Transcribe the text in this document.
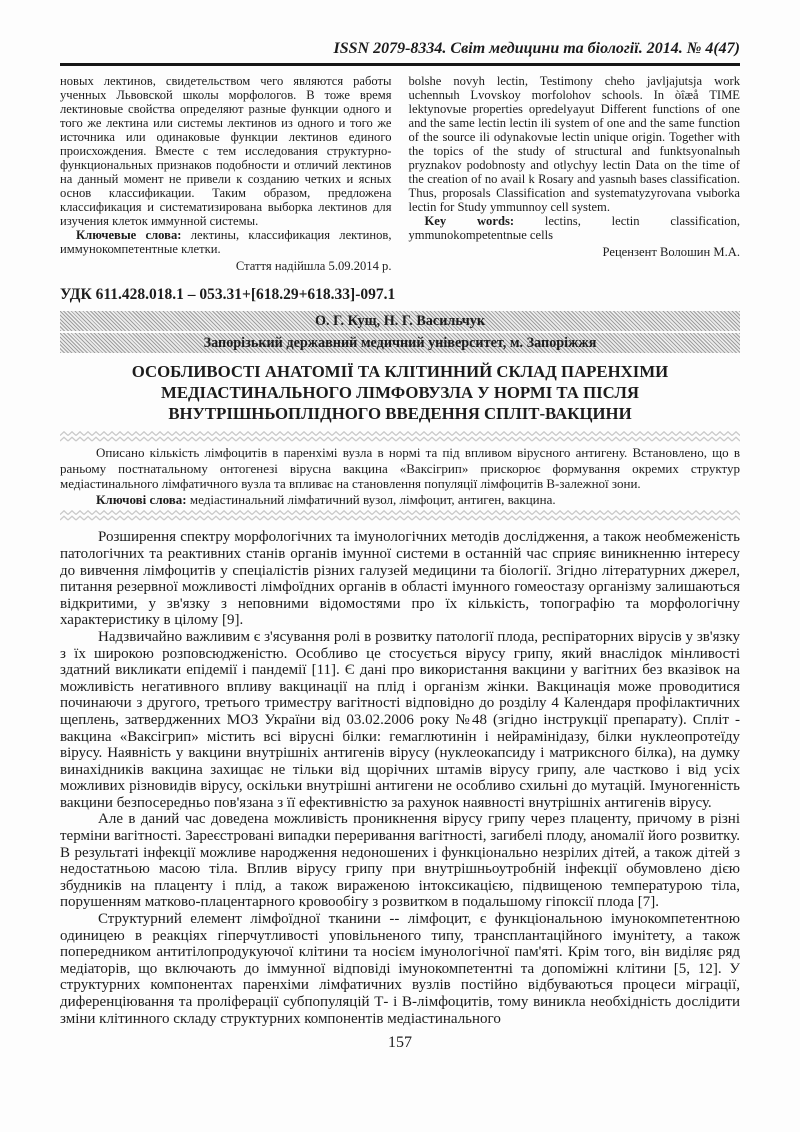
ISSN 2079-8334. Світ медицини та біології. 2014. № 4(47)

новых лектинов, свидетельством чего являются работы ученных Львовской школы морфологов. В тоже время лектиновые свойства определяют разные функции одного и того же лектина или системы лектинов из одного и того же источника или одинаковые функции лектинов единого происхождения. Вместе с тем исследования структурно-функциональных признаков подобности и отличий лектинов на данный момент не привели к созданию четких и ясных основ классификации. Таким образом, предложена классификация и систематизирована выборка лектинов для изучения клеток иммунной системы.

Ключевые слова: лектины, классификация лектинов, иммунокомпетентные клетки.

Стаття надійшла 5.09.2014 р.

bolshe novyh lectin, Testimony cheho javljajutsja work uchennыh Lvovskoy morfolohov schools. In òîæå TIME lektynovые properties opredelyayut Different functions of one and the same lectin lectin ili system of one and the same function of the source ili odynakovые lectin unique origin. Together with the topics of the study of structural and funktsyonalnыh pryznakov podobnosty and otlychyy lectin Data on the time of the creation of no avail k Rosary and yasnыh bases classification. Thus, proposals Classification and systematyzyrovana vыborka lectin for Study ymmunnoy cell system.

Key words: lectins, lectin classification, ymmunokompetentnые cells

Рецензент Волошин М.А.

УДК 611.428.018.1 – 053.31+[618.29+618.33]-097.1
О. Г. Кущ, Н. Г. Васильчук
Запорізький державний медичний університет, м. Запоріжжя
ОСОБЛИВОСТІ АНАТОМІЇ ТА КЛІТИННИЙ СКЛАД ПАРЕНХІМИ МЕДІАСТИНАЛЬНОГО ЛІМФОВУЗЛА У НОРМІ ТА ПІСЛЯ ВНУТРІШНЬОПЛІДНОГО ВВЕДЕННЯ СПЛІТ-ВАКЦИНИ

Описано кількість лімфоцитів в паренхімі вузла в нормі та під впливом вірусного антигену. Встановлено, що в раньому постнатальному онтогенезі вірусна вакцина «Ваксігрип» прискорює формування окремих структур медіастинального лімфатичного вузла та впливає на становлення популяції лімфоцитів В-залежної зони.

Ключові слова: медіастинальний лімфатичний вузол, лімфоцит, антиген, вакцина.

Розширення спектру морфологічних та імунологічних методів дослідження, а також необмеженість патологічних та реактивних станів органів імунної системи в останній час сприяє виникненню інтересу до вивчення лімфоцитів у спеціалістів різних галузей медицини та біології. Згідно літературних джерел, питання резервної можливості лімфоїдних органів в області імунного гомеостазу організму залишаються відкритими, у зв'язку з неповними відомостями про їх кількість, топографію та морфологічну характеристику в цілому [9].

Надзвичайно важливим є з'ясування ролі в розвитку патології плода, респіраторних вірусів у зв'язку з їх широкою розповсюдженістю. Особливо це стосується вірусу грипу, який внаслідок мінливості здатний викликати епідемії і пандемії [11]. Є дані про використання вакцини у вагітних без вказівок на можливість негативного впливу вакцинації на плід і організм жінки. Вакцинація може проводитися починаючи з другого, третього триместру вагітності відповідно до розділу 4 Календаря профілактичних щеплень, затвердженних МОЗ України від 03.02.2006 року №48 (згідно інструкції препарату). Спліт - вакцина «Ваксігрип» містить всі вірусні білки: гемаглютинін і нейрамінідазу, білки нуклеопротеїду вірусу. Наявність у вакцини внутрішніх антигенів вірусу (нуклеокапсиду і матриксного білка), на думку винахідників вакцина захищає не тільки від щорічних штамів вірусу грипу, але частково і від усіх можливих різновидів вірусу, оскільки внутрішні антигени не особливо схильні до мутацій. Імуногенність вакцини безпосередньо пов'язана з її ефективністю за рахунок наявності внутрішніх антигенів вірусу.

Але в даний час доведена можливість проникнення вірусу грипу через плаценту, причому в різні терміни вагітності. Зареєстровані випадки переривання вагітності, загибелі плоду, аномалії його розвитку. В результаті інфекції можливе народження недоношених і функціонально незрілих дітей, а також дітей з недостатньою масою тіла. Вплив вірусу грипу при внутрішньоутробній інфекції обумовлено дією збудників на плаценту і плід, а також вираженою інтоксикацією, підвищеною температурою тіла, порушенням матково-плацентарного кровообігу з розвитком в подальшому гіпоксії плода [7].

Структурний елемент лімфоїдної тканини -- лімфоцит, є функціональною імунокомпетентною одиницею в реакціях гіперчутливості уповільненого типу, трансплантаційного імунітету, а також попередником антитілопродукуючої клітини та носієм імунологічної пам'яті. Крім того, він виділяє ряд медіаторів, що включають до іммунної відповіді імунокомпетентні та допоміжні клітини [5, 12]. У структурних компонентах паренхіми лімфатичних вузлів постійно відбуваються процеси міграції, диференціювання та проліферації субпопуляцій Т- і В-лімфоцитів, тому виникла необхідність дослідити зміни клітинного складу структурних компонентів медіастинального

157
